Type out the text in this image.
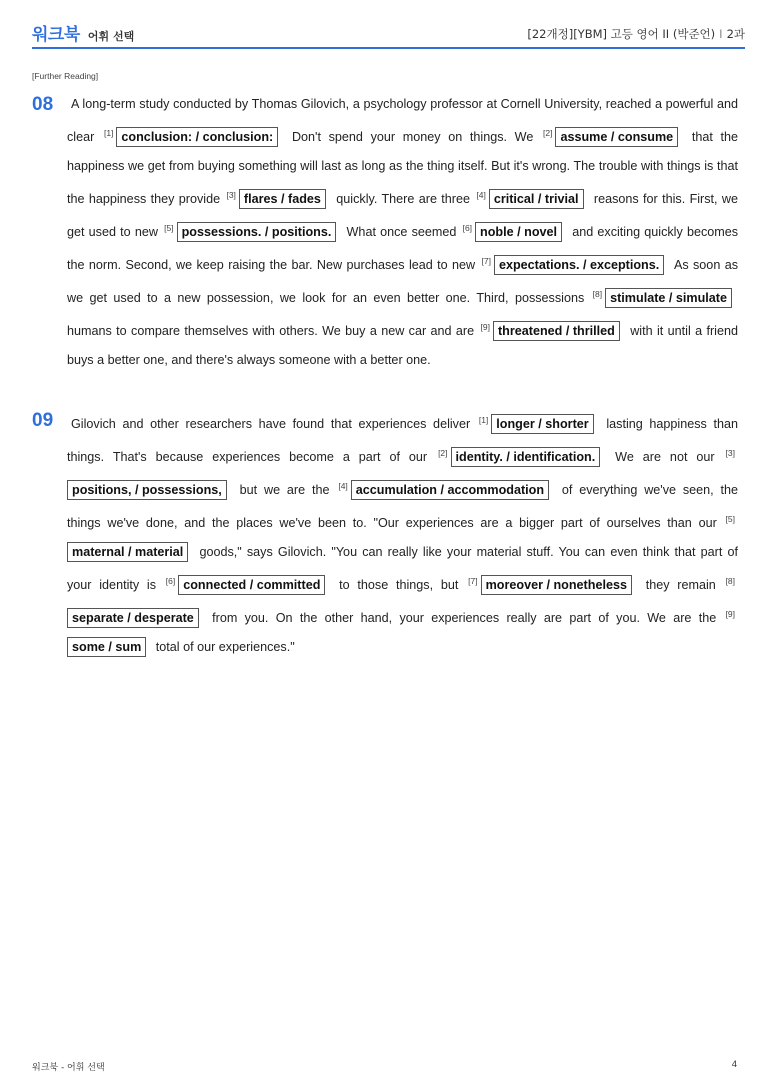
워크북 어휘 선택	[22개정][YBM] 고등 영어 II (박준언) I 2과
[Further Reading]
08	A long-term study conducted by Thomas Gilovich, a psychology professor at Cornell University, reached a powerful and clear [1] conclusion: / conclusion: Don't spend your money on things. We [2] assume / consume that the happiness we get from buying something will last as long as the thing itself. But it's wrong. The trouble with things is that the happiness they provide [3] flares / fades quickly. There are three [4] critical / trivial reasons for this. First, we get used to new [5] possessions. / positions. What once seemed [6] noble / novel and exciting quickly becomes the norm. Second, we keep raising the bar. New purchases lead to new [7] expectations. / exceptions. As soon as we get used to a new possession, we look for an even better one. Third, possessions [8] stimulate / simulate humans to compare themselves with others. We buy a new car and are [9] threatened / thrilled with it until a friend buys a better one, and there's always someone with a better one.
09	Gilovich and other researchers have found that experiences deliver [1] longer / shorter lasting happiness than things. That's because experiences become a part of our [2] identity. / identification. We are not our [3]positions, / possessions, but we are the [4] accumulation / accommodation of everything we've seen, the things we've done, and the places we've been to. "Our experiences are a bigger part of ourselves than our [5]maternal / material goods," says Gilovich. "You can really like your material stuff. You can even think that part of your identity is [6] connected / committed to those things, but [7] moreover / nonetheless they remain [8]separate / desperate from you. On the other hand, your experiences really are part of you. We are the [9]some / sum total of our experiences."
워크북 - 어휘 선택	4
